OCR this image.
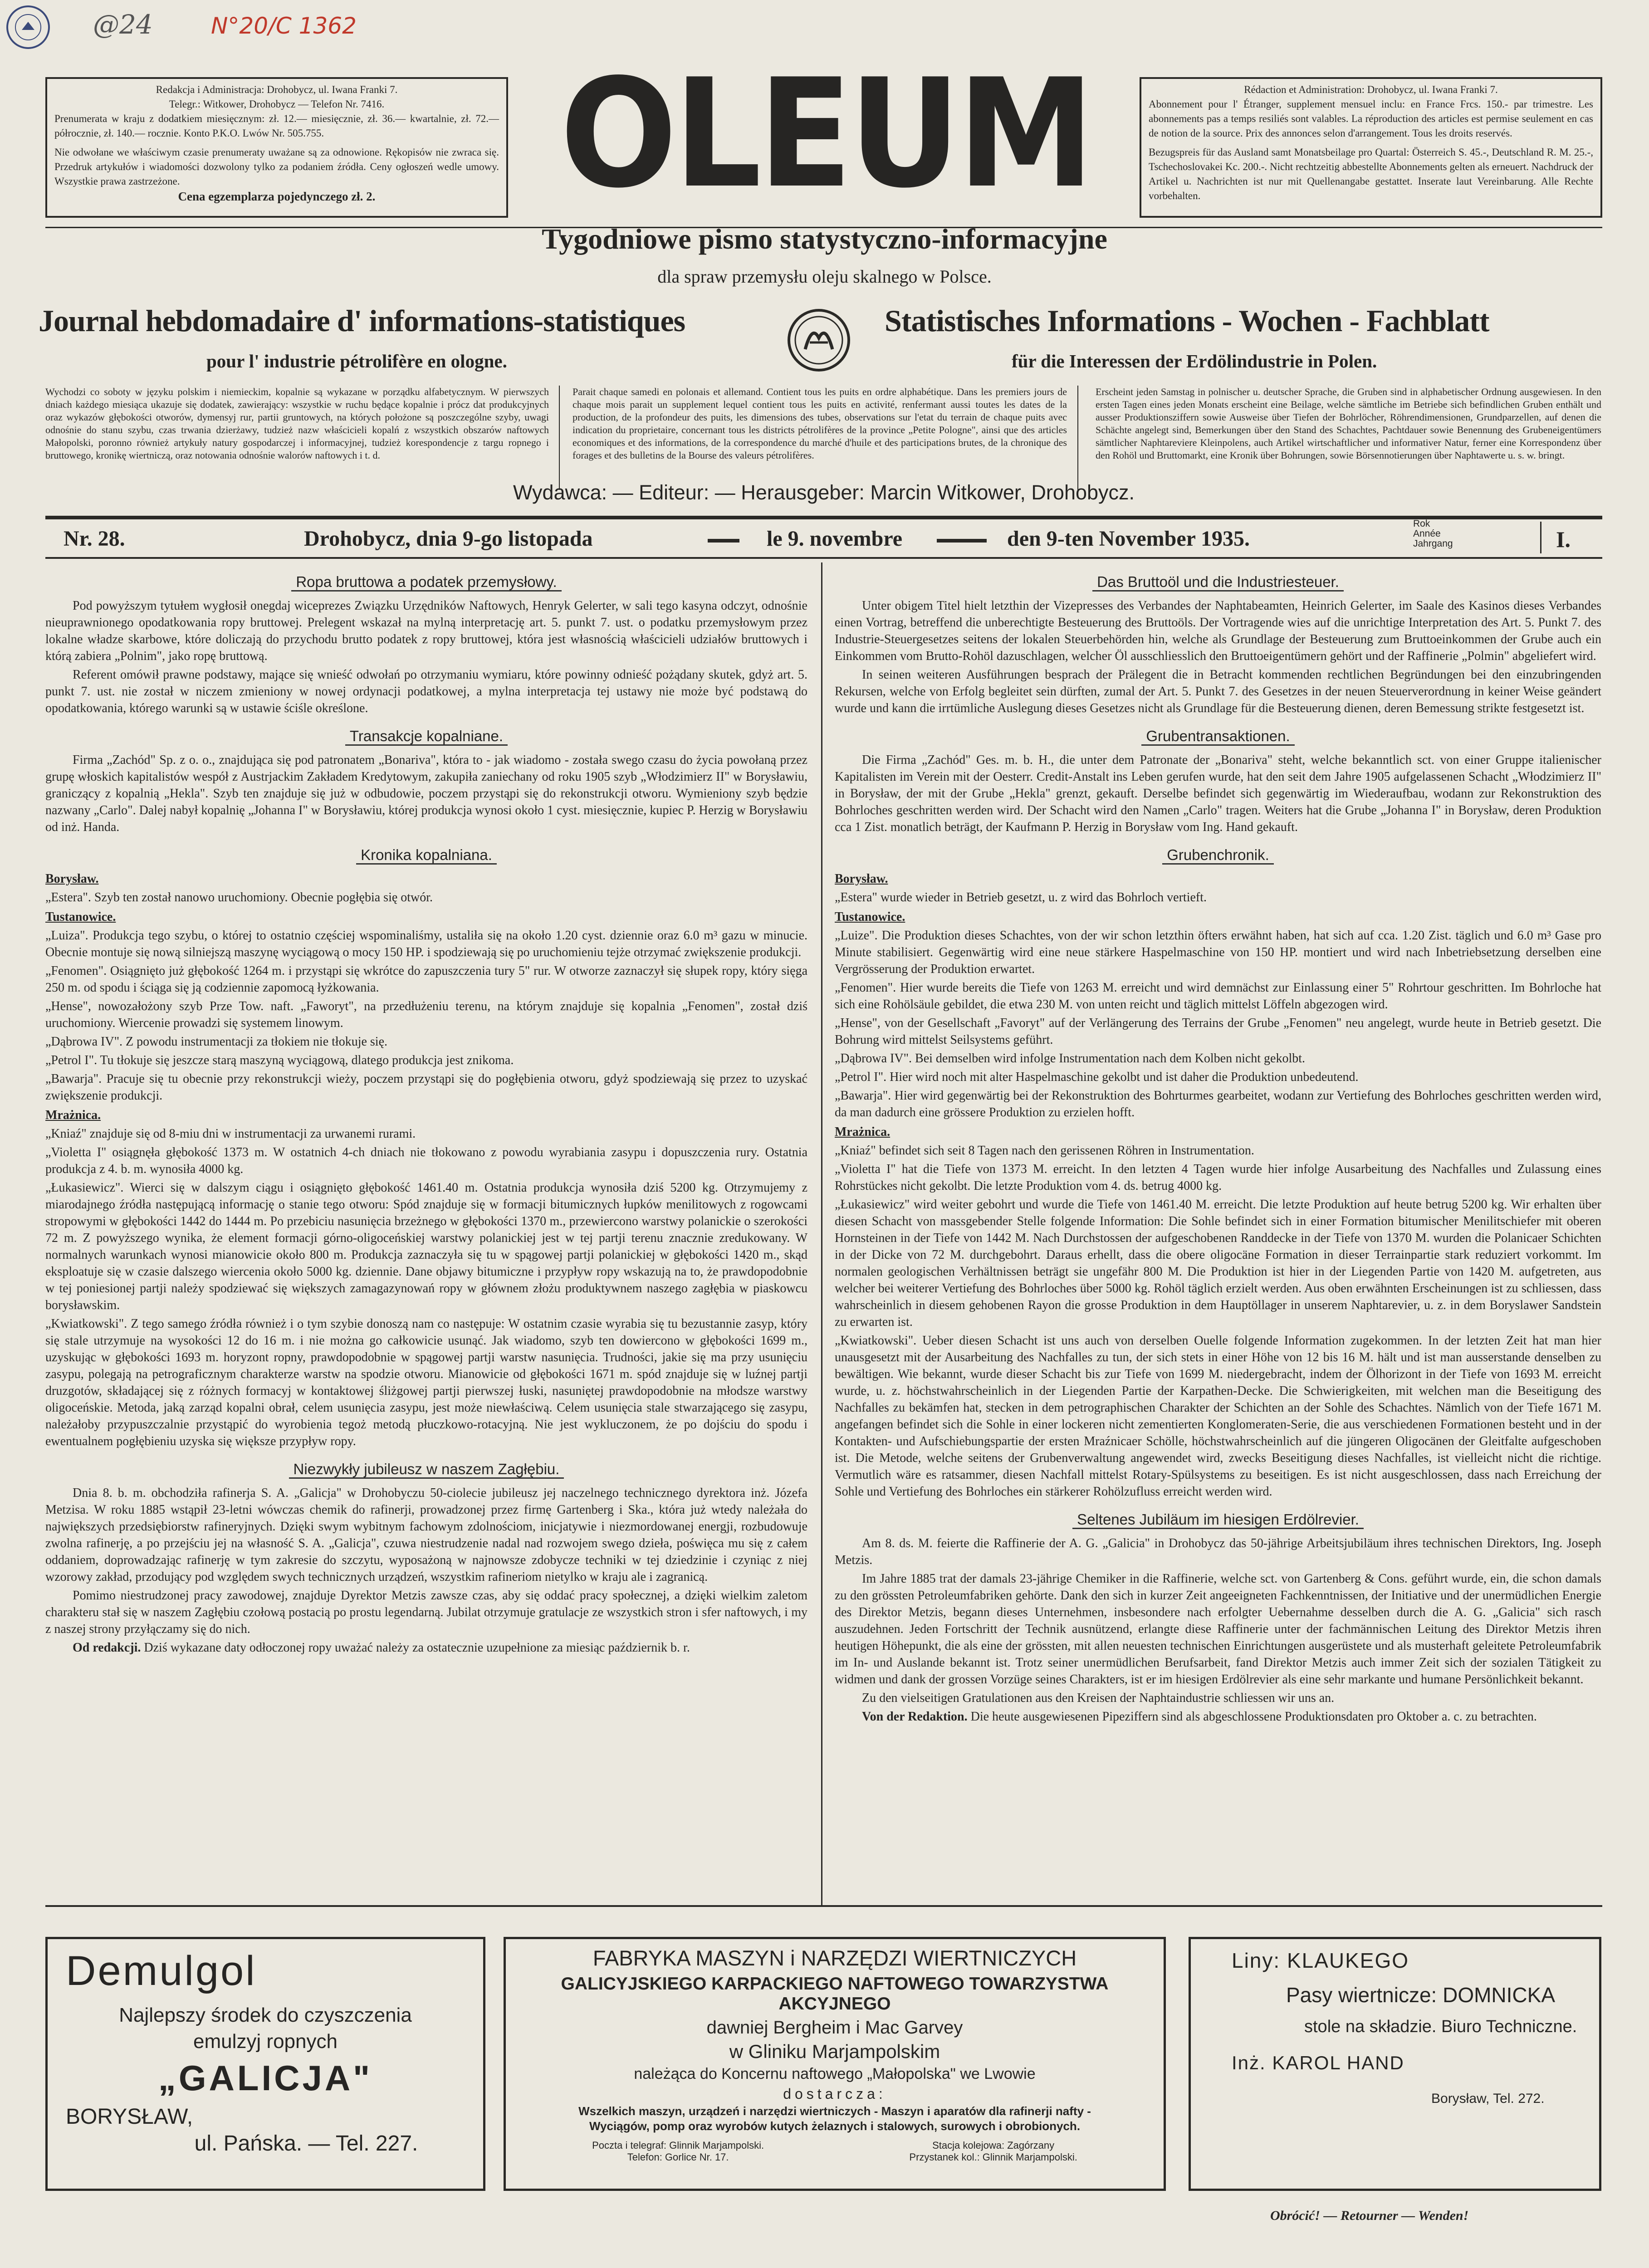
@24	N°20/C 1362
Redakcja i Administracja: Drohobycz, ul. Iwana Franki 7.
Telegr.: Witkower, Drohobycz — Telefon Nr. 7416.
Prenumerata w kraju z dodatkiem miesięcznym: zł. 12.— miesięcznie, zł. 36.— kwartalnie, zł. 72.— półrocznie, zł. 140.— rocznie. Konto P.K.O. Lwów Nr. 505.755.
Nie odwołane we właściwym czasie prenumeraty uważane są za odnowione. Rękopisów nie zwraca się. Przedruk artykułów i wiadomości dozwolony tylko za podaniem źródła. Ceny ogłoszeń wedle umowy. Wszystkie prawa zastrzeżone.
Cena egzemplarza pojedynczego zł. 2.	OLEUM	Rédaction et Administration: Drohobycz, ul. Iwana Franki 7.
Abonnement pour l' Étranger, supplement mensuel inclu: en France Frcs. 150.- par trimestre. Les abonnements pas a temps resiliés sont valables. La réproduction des articles est permise seulement en cas de notion de la source. Prix des annonces selon d'arrangement. Tous les droits reservés.
Bezugspreis für das Ausland samt Monatsbeilage pro Quartal: Österreich S. 45.-, Deutschland R. M. 25.-, Tschechoslovakei Kc. 200.-. Nicht rechtzeitig abbestellte Abonnements gelten als erneuert. Nachdruck der Artikel u. Nachrichten ist nur mit Quellenangabe gestattet. Inserate laut Vereinbarung. Alle Rechte vorbehalten.
Tygodniowe pismo statystyczno-informacyjne
dla spraw przemysłu oleju skalnego w Polsce.
Journal hebdomadaire d' informations-statistiques
pour l' industrie pétrolifère en ologne.
Statistisches Informations - Wochen - Fachblatt
für die Interessen der Erdölindustrie in Polen.
Wychodzi co soboty w języku polskim i niemieckim, kopalnie są wykazane w porządku alfabetycznym. W pierwszych dniach każdego miesiąca ukazuje się dodatek, zawierający: wszystkie w ruchu będące kopalnie i prócz dat produkcyjnych oraz wykazów głębokości otworów, dymensyj rur, partii gruntowych, na których położone są poszczególne szyby, uwagi odnośnie do stanu szybu, czas trwania dzierżawy, tudzież nazw właścicieli kopalń z wszystkich obszarów naftowych Małopolski, poronno również artykuły natury gospodarczej i informacyjnej, tudzież korespondencje z targu ropnego i bruttowego, kronikę wiertniczą, oraz notowania odnośnie walorów naftowych i t. d.
Parait chaque samedi en polonais et allemand. Contient tous les puits en ordre alphabétique. Dans les premiers jours de chaque mois parait un supplement lequel contient tous les puits en activité, renfermant aussi toutes les dates de la production, de la profondeur des puits, les dimensions des tubes, observations sur l'etat du terrain de chaque puits avec indication du proprietaire, concernant tous les districts pétrolifères de la province „Petite Pologne", ainsi que des articles economiques et des informations, de la correspondence du marché d'huile et des participations brutes, de la chronique des forages et des bulletins de la Bourse des valeurs pétrolifères.
Erscheint jeden Samstag in polnischer u. deutscher Sprache, die Gruben sind in alphabetischer Ordnung ausgewiesen. In den ersten Tagen eines jeden Monats erscheint eine Beilage, welche sämtliche im Betriebe sich befindlichen Gruben enthält und ausser Produktionsziffern sowie Ausweise über Tiefen der Bohrlöcher, Röhrendimensionen, Grundparzellen, auf denen die Schächte angelegt sind, Bemerkungen über den Stand des Schachtes, Pachtdauer sowie Benennung des Grubeneigentümers sämtlicher Naphtareviere Kleinpolens, auch Artikel wirtschaftlicher und informativer Natur, ferner eine Korrespondenz über den Rohöl und Bruttomarkt, eine Kronik über Bohrungen, sowie Börsennotierungen über Naphtawerte u. s. w. bringt.
Wydawca: — Editeur: — Herausgeber: Marcin Witkower, Drohobycz.
Nr. 28.	Drohobycz, dnia 9-go listopada	le 9. novembre	den 9-ten November 1935.
Rok
Année
Jahrgang	I.
Ropa bruttowa a podatek przemysłowy.

Pod powyższym tytułem wygłosił onegdaj wiceprezes Związku Urzędników Naftowych, Henryk Gelerter, w sali tego kasyna odczyt, odnośnie nieuprawnionego opodatkowania ropy bruttowej. Prelegent wskazał na mylną interpretację art. 5. punkt 7. ust. o podatku przemysłowym przez lokalne władze skarbowe, które doliczają do przychodu brutto podatek z ropy bruttowej, która jest własnością właścicieli udziałów bruttowych i którą zabiera „Polnim", jako ropę bruttową.

Referent omówił prawne podstawy, mające się wnieść odwołań po otrzymaniu wymiaru, które powinny odnieść pożądany skutek, gdyż art. 5. punkt 7. ust. nie został w niczem zmieniony w nowej ordynacji podatkowej, a mylna interpretacja tej ustawy nie może być podstawą do opodatkowania, którego warunki są w ustawie ściśle określone.

Transakcje kopalniane.

Firma „Zachód" Sp. z o. o., znajdująca się pod patronatem „Bonariva", która to - jak wiadomo - została swego czasu do życia powołaną przez grupę włoskich kapitalistów wespół z Austrjackim Zakładem Kredytowym, zakupiła zaniechany od roku 1905 szyb „Włodzimierz II" w Borysławiu, graniczący z kopalnią „Hekla". Szyb ten znajduje się już w odbudowie, poczem przystąpi się do rekonstrukcji otworu. Wymieniony szyb będzie nazwany „Carlo". Dalej nabył kopalnię „Johanna I" w Borysławiu, której produkcja wynosi około 1 cyst. miesięcznie, kupiec P. Herzig w Borysławiu od inż. Handa.

Kronika kopalniana.

Borysław.

„Estera". Szyb ten został nanowo uruchomiony. Obecnie pogłębia się otwór.

Tustanowice.

„Luiza". Produkcja tego szybu, o której to ostatnio częściej wspominaliśmy, ustaliła się na około 1.20 cyst. dziennie oraz 6.0 m³ gazu w minucie. Obecnie montuje się nową silniejszą maszynę wyciągową o mocy 150 HP. i spodziewają się po uruchomieniu tejże otrzymać zwiększenie produkcji.

„Fenomen". Osiągnięto już głębokość 1264 m. i przystąpi się wkrótce do zapuszczenia tury 5" rur. W otworze zaznaczył się słupek ropy, który sięga 250 m. od spodu i ściąga się ją codziennie zapomocą łyżkowania.

„Hense", nowozałożony szyb Prze Tow. naft. „Faworyt", na przedłużeniu terenu, na którym znajduje się kopalnia „Fenomen", został dziś uruchomiony. Wiercenie prowadzi się systemem linowym.

„Dąbrowa IV". Z powodu instrumentacji za tłokiem nie tłokuje się.

„Petrol I". Tu tłokuje się jeszcze starą maszyną wyciągową, dlatego produkcja jest znikoma.

„Bawarja". Pracuje się tu obecnie przy rekonstrukcji wieży, poczem przystąpi się do pogłębienia otworu, gdyż spodziewają się przez to uzyskać zwiększenie produkcji.

Mrażnica.

„Kniaź" znajduje się od 8-miu dni w instrumentacji za urwanemi rurami.

„Violetta I" osiągnęła głębokość 1373 m. W ostatnich 4-ch dniach nie tłokowano z powodu wyrabiania zasypu i dopuszczenia rury. Ostatnia produkcja z 4. b. m. wynosiła 4000 kg.

„Łukasiewicz". Wierci się w dalszym ciągu i osiągnięto głębokość 1461.40 m. Ostatnia produkcja wynosiła dziś 5200 kg. Otrzymujemy z miarodajnego źródła następującą informację o stanie tego otworu: Spód znajduje się w formacji bitumicznych łupków menilitowych z rogowcami stropowymi w głębokości 1442 do 1444 m. Po przebiciu nasunięcia brzeżnego w głębokości 1370 m., przewiercono warstwy polanickie o szerokości 72 m. Z powyższego wynika, że element formacji górno-oligoceńskiej warstwy polanickiej jest w tej partji terenu znacznie zredukowany. W normalnych warunkach wynosi mianowicie około 800 m. Produkcja zaznaczyła się tu w spągowej partji polanickiej w głębokości 1420 m., skąd eksploatuje się w czasie dalszego wiercenia około 5000 kg. dziennie. Dane objawy bitumiczne i przypływ ropy wskazują na to, że prawdopodobnie w tej poniesionej partji należy spodziewać się większych zamagazynowań ropy w głównem złożu produktywnem naszego zagłębia w piaskowcu borysławskim.

„Kwiatkowski". Z tego samego źródła również i o tym szybie donoszą nam co następuje: W ostatnim czasie wyrabia się tu bezustannie zasyp, który się stale utrzymuje na wysokości 12 do 16 m. i nie można go całkowicie usunąć. Jak wiadomo, szyb ten dowiercono w głębokości 1699 m., uzyskując w głębokości 1693 m. horyzont ropny, prawdopodobnie w spągowej partji warstw nasunięcia. Trudności, jakie się ma przy usunięciu zasypu, polegają na petrograficznym charakterze warstw na spodzie otworu. Mianowicie od głębokości 1671 m. spód znajduje się w luźnej partji druzgotów, składającej się z różnych formacyj w kontaktowej śliżgowej partji pierwszej łuski, nasuniętej prawdopodobnie na młodsze warstwy oligoceńskie. Metoda, jaką zarząd kopalni obrał, celem usunięcia zasypu, jest może niewłaściwą. Celem usunięcia stale stwarzającego się zasypu, należałoby przypuszczalnie przystąpić do wyrobienia tegoż metodą płuczkowo-rotacyjną. Nie jest wykluczonem, że po dojściu do spodu i ewentualnem pogłębieniu uzyska się większe przypływ ropy.

Niezwykły jubileusz w naszem Zagłębiu.

Dnia 8. b. m. obchodziła rafinerja S. A. „Galicja" w Drohobyczu 50-ciolecie jubileusz jej naczelnego technicznego dyrektora inż. Józefa Metzisa. W roku 1885 wstąpił 23-letni wówczas chemik do rafinerji, prowadzonej przez firmę Gartenberg i Ska., która już wtedy należała do największych przedsiębiorstw rafineryjnych. Dzięki swym wybitnym fachowym zdolnościom, inicjatywie i niezmordowanej energji, rozbudowuje zwolna rafinerję, a po przejściu jej na własność S. A. „Galicja", czuwa niestrudzenie nadal nad rozwojem swego dzieła, poświęca mu się z całem oddaniem, doprowadzając rafinerję w tym zakresie do szczytu, wyposażoną w najnowsze zdobycze techniki w tej dziedzinie i czyniąc z niej wzorowy zakład, przodujący pod względem swych technicznych urządzeń, wszystkim rafineriom nietylko w kraju ale i zagranicą.

Pomimo niestrudzonej pracy zawodowej, znajduje Dyrektor Metzis zawsze czas, aby się oddać pracy społecznej, a dzięki wielkim zaletom charakteru stał się w naszem Zagłębiu czołową postacią po prostu legendarną. Jubilat otrzymuje gratulacje ze wszystkich stron i sfer naftowych, i my z naszej strony przyłączamy się do nich.

Od redakcji. Dziś wykazane daty odłoczonej ropy uważać należy za ostatecznie uzupełnione za miesiąc październik b. r.

Das Bruttoöl und die Industriesteuer.

Unter obigem Titel hielt letzthin der Vizepresses des Verbandes der Naphtabeamten, Heinrich Gelerter, im Saale des Kasinos dieses Verbandes einen Vortrag, betreffend die unberechtigte Besteuerung des Bruttoöls. Der Vortragende wies auf die unrichtige Interpretation des Art. 5. Punkt 7. des Industrie-Steuergesetzes seitens der lokalen Steuerbehörden hin, welche als Grundlage der Besteuerung zum Bruttoeinkommen der Grube auch ein Einkommen vom Brutto-Rohöl dazuschlagen, welcher Öl ausschliesslich den Bruttoeigentümern gehört und der Raffinerie „Polmin" abgeliefert wird.

In seinen weiteren Ausführungen besprach der Prälegent die in Betracht kommenden rechtlichen Begründungen bei den einzubringenden Rekursen, welche von Erfolg begleitet sein dürften, zumal der Art. 5. Punkt 7. des Gesetzes in der neuen Steuerverordnung in keiner Weise geändert wurde und kann die irrtümliche Auslegung dieses Gesetzes nicht als Grundlage für die Besteuerung dienen, deren Bemessung strikte festgesetzt ist.

Grubentransaktionen.

Die Firma „Zachód" Ges. m. b. H., die unter dem Patronate der „Bonariva" steht, welche bekanntlich sct. von einer Gruppe italienischer Kapitalisten im Verein mit der Oesterr. Credit-Anstalt ins Leben gerufen wurde, hat den seit dem Jahre 1905 aufgelassenen Schacht „Włodzimierz II" in Borysław, der mit der Grube „Hekla" grenzt, gekauft. Derselbe befindet sich gegenwärtig im Wiederaufbau, wodann zur Rekonstruktion des Bohrloches geschritten werden wird. Der Schacht wird den Namen „Carlo" tragen. Weiters hat die Grube „Johanna I" in Borysław, deren Produktion cca 1 Zist. monatlich beträgt, der Kaufmann P. Herzig in Borysław vom Ing. Hand gekauft.

Grubenchronik.

Borysław.

„Estera" wurde wieder in Betrieb gesetzt, u. z wird das Bohrloch vertieft.

Tustanowice.

„Luize". Die Produktion dieses Schachtes, von der wir schon letzthin öfters erwähnt haben, hat sich auf cca. 1.20 Zist. täglich und 6.0 m³ Gase pro Minute stabilisiert. Gegenwärtig wird eine neue stärkere Haspelmaschine von 150 HP. montiert und wird nach Inbetriebsetzung derselben eine Vergrösserung der Produktion erwartet.

„Fenomen". Hier wurde bereits die Tiefe von 1263 M. erreicht und wird demnächst zur Einlassung einer 5" Rohrtour geschritten. Im Bohrloche hat sich eine Rohölsäule gebildet, die etwa 230 M. von unten reicht und täglich mittelst Löffeln abgezogen wird.

„Hense", von der Gesellschaft „Favoryt" auf der Verlängerung des Terrains der Grube „Fenomen" neu angelegt, wurde heute in Betrieb gesetzt. Die Bohrung wird mittelst Seilsystems geführt.

„Dąbrowa IV". Bei demselben wird infolge Instrumentation nach dem Kolben nicht gekolbt.

„Petrol I". Hier wird noch mit alter Haspelmaschine gekolbt und ist daher die Produktion unbedeutend.

„Bawarja". Hier wird gegenwärtig bei der Rekonstruktion des Bohrturmes gearbeitet, wodann zur Vertiefung des Bohrloches geschritten werden wird, da man dadurch eine grössere Produktion zu erzielen hofft.

Mrażnica.

„Kniaź" befindet sich seit 8 Tagen nach den gerissenen Röhren in Instrumentation.

„Violetta I" hat die Tiefe von 1373 M. erreicht. In den letzten 4 Tagen wurde hier infolge Ausarbeitung des Nachfalles und Zulassung eines Rohrstückes nicht gekolbt. Die letzte Produktion vom 4. ds. betrug 4000 kg.

„Łukasiewicz" wird weiter gebohrt und wurde die Tiefe von 1461.40 M. erreicht. Die letzte Produktion auf heute betrug 5200 kg. Wir erhalten über diesen Schacht von massgebender Stelle folgende Information: Die Sohle befindet sich in einer Formation bitumischer Menilitschiefer mit oberen Hornsteinen in der Tiefe von 1442 M. Nach Durchstossen der aufgeschobenen Randdecke in der Tiefe von 1370 M. wurden die Polanicaer Schichten in der Dicke von 72 M. durchgebohrt. Daraus erhellt, dass die obere oligocäne Formation in dieser Terrainpartie stark reduziert vorkommt. Im normalen geologischen Verhältnissen beträgt sie ungefähr 800 M. Die Produktion ist hier in der Liegenden Partie von 1420 M. aufgetreten, aus welcher bei weiterer Vertiefung des Bohrloches über 5000 kg. Rohöl täglich erzielt werden. Aus oben erwähnten Erscheinungen ist zu schliessen, dass wahrscheinlich in diesem gehobenen Rayon die grosse Produktion in dem Hauptöllager in unserem Naphtarevier, u. z. in dem Boryslawer Sandstein zu erwarten ist.

„Kwiatkowski". Ueber diesen Schacht ist uns auch von derselben Ouelle folgende Information zugekommen. In der letzten Zeit hat man hier unausgesetzt mit der Ausarbeitung des Nachfalles zu tun, der sich stets in einer Höhe von 12 bis 16 M. hält und ist man ausserstande denselben zu bewältigen. Wie bekannt, wurde dieser Schacht bis zur Tiefe von 1699 M. niedergebracht, indem der Ölhorizont in der Tiefe von 1693 M. erreicht wurde, u. z. höchstwahrscheinlich in der Liegenden Partie der Karpathen-Decke. Die Schwierigkeiten, mit welchen man die Beseitigung des Nachfalles zu bekämfen hat, stecken in dem petrographischen Charakter der Schichten an der Sohle des Schachtes. Nämlich von der Tiefe 1671 M. angefangen befindet sich die Sohle in einer lockeren nicht zementierten Konglomeraten-Serie, die aus verschiedenen Formationen besteht und in der Kontakten- und Aufschiebungspartie der ersten Mraźnicaer Schölle, höchstwahrscheinlich auf die jüngeren Oligocänen der Gleitfalte aufgeschoben ist. Die Metode, welche seitens der Grubenverwaltung angewendet wird, zwecks Beseitigung dieses Nachfalles, ist vielleicht nicht die richtige. Vermutlich wäre es ratsammer, diesen Nachfall mittelst Rotary-Spülsystems zu beseitigen. Es ist nicht ausgeschlossen, dass nach Erreichung der Sohle und Vertiefung des Bohrloches ein stärkerer Rohölzufluss erreicht werden wird.

Seltenes Jubiläum im hiesigen Erdölrevier.

Am 8. ds. M. feierte die Raffinerie der A. G. „Galicia" in Drohobycz das 50-jährige Arbeitsjubiläum ihres technischen Direktors, Ing. Joseph Metzis.

Im Jahre 1885 trat der damals 23-jährige Chemiker in die Raffinerie, welche sct. von Gartenberg & Cons. geführt wurde, ein, die schon damals zu den grössten Petroleumfabriken gehörte. Dank den sich in kurzer Zeit angeeigneten Fachkenntnissen, der Initiative und der unermüdlichen Energie des Direktor Metzis, begann dieses Unternehmen, insbesondere nach erfolgter Uebernahme desselben durch die A. G. „Galicia" sich rasch auszudehnen. Jeden Fortschritt der Technik ausnützend, erlangte diese Raffinerie unter der fachmännischen Leitung des Direktor Metzis ihren heutigen Höhepunkt, die als eine der grössten, mit allen neuesten technischen Einrichtungen ausgerüstete und als musterhaft geleitete Petroleumfabrik im In- und Auslande bekannt ist. Trotz seiner unermüdlichen Berufsarbeit, fand Direktor Metzis auch immer Zeit sich der sozialen Tätigkeit zu widmen und dank der grossen Vorzüge seines Charakters, ist er im hiesigen Erdölrevier als eine sehr markante und humane Persönlichkeit bekannt.

Zu den vielseitigen Gratulationen aus den Kreisen der Naphtaindustrie schliessen wir uns an.

Von der Redaktion. Die heute ausgewiesenen Pipeziffern sind als abgeschlossene Produktionsdaten pro Oktober a. c. zu betrachten.

Demulgol
Najlepszy środek do czyszczenia
emulzyj ropnych
„GALICJA"
BORYSŁAW,
ul. Pańska. — Tel. 227.
FABRYKA MASZYN i NARZĘDZI WIERTNICZYCH
GALICYJSKIEGO KARPACKIEGO NAFTOWEGO TOWARZYSTWA AKCYJNEGO
dawniej Bergheim i Mac Garvey
w Gliniku Marjampolskim
należąca do Koncernu naftowego „Małopolska" we Lwowie
dostarcza:
Wszelkich maszyn, urządzeń i narzędzi wiertniczych - Maszyn i aparatów dla rafinerji nafty -
Wyciągów, pomp oraz wyrobów kutych żelaznych i stalowych, surowych i obrobionych.
Poczta i telegraf: Glinnik Marjampolski.
Telefon: Gorlice Nr. 17.
Stacja kolejowa: Zagórzany
Przystanek kol.: Glinnik Marjampolski.
Liny: KLAUKEGO
Pasy wiertnicze: DOMNICKA
stole na składzie. Biuro Techniczne.
Inż. KAROL HAND
Borysław, Tel. 272.
Obrócić! — Retourner — Wenden!
